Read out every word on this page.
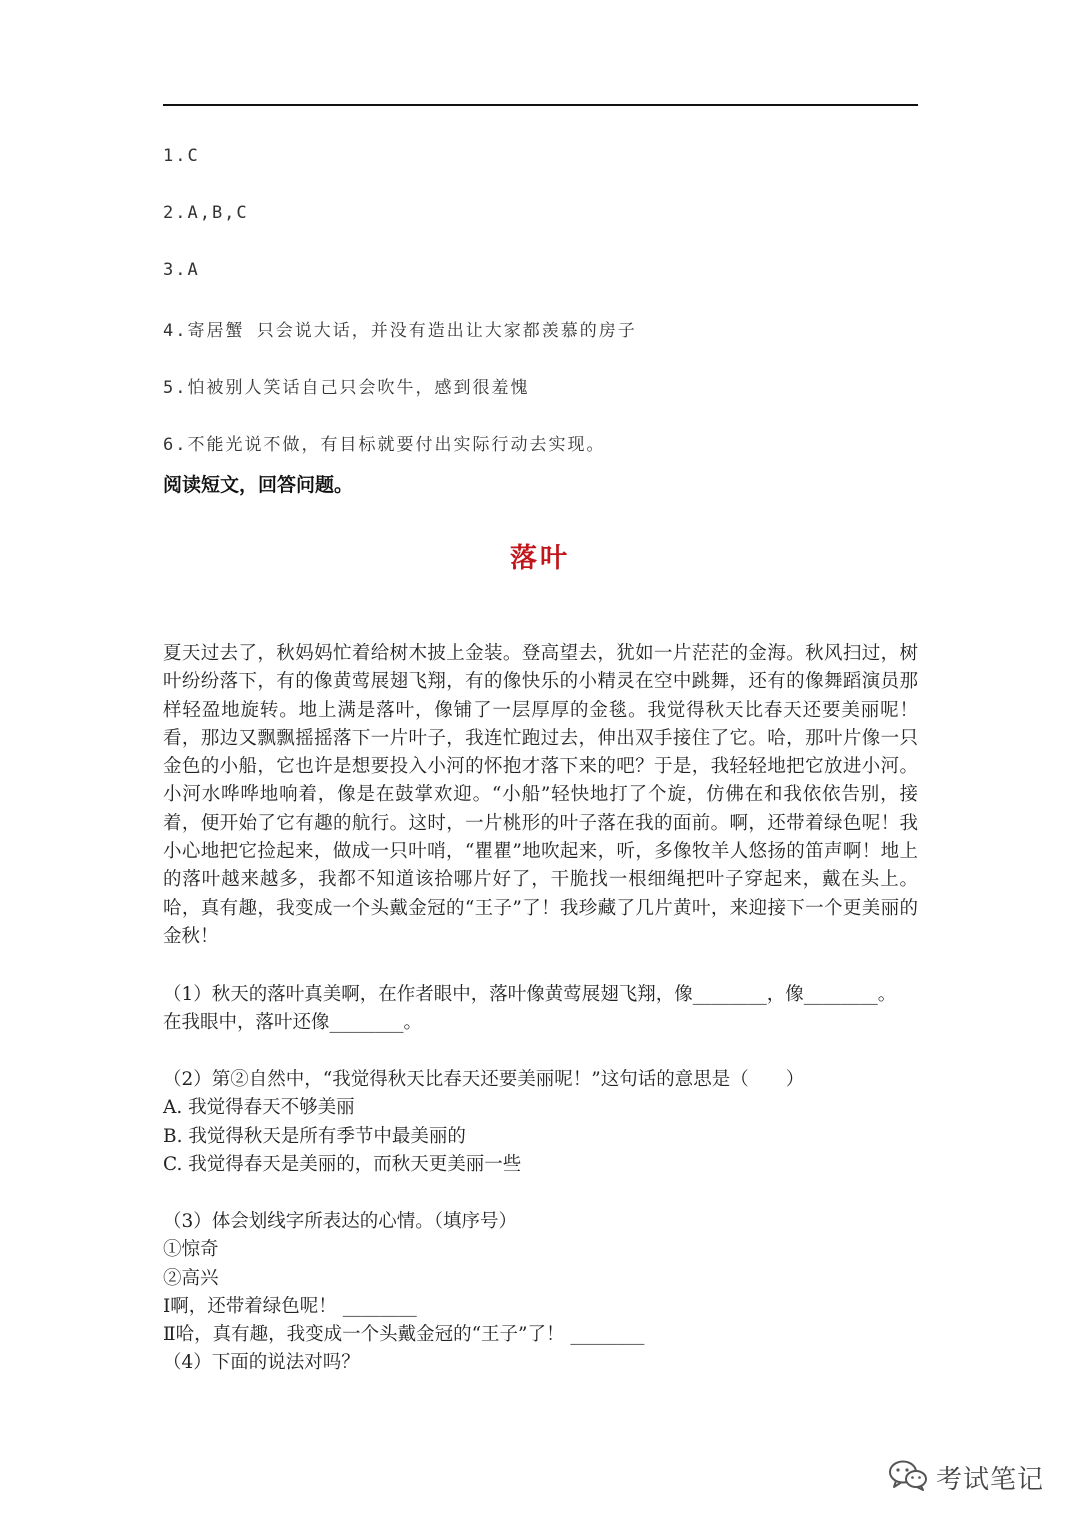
1.C
2.A,B,C
3.A
4.寄居蟹 只会说大话，并没有造出让大家都羡慕的房子
5.怕被别人笑话自己只会吹牛，感到很羞愧
6.不能光说不做，有目标就要付出实际行动去实现。
阅读短文，回答问题。
落叶
夏天过去了，秋妈妈忙着给树木披上金装。登高望去，犹如一片茫茫的金海。秋风扫过，树叶纷纷落下，有的像黄莺展翅飞翔，有的像快乐的小精灵在空中跳舞，还有的像舞蹈演员那样轻盈地旋转。地上满是落叶，像铺了一层厚厚的金毯。我觉得秋天比春天还要美丽呢！看，那边又飘飘摇摇落下一片叶子，我连忙跑过去，伸出双手接住了它。哈，那叶片像一只金色的小船，它也许是想要投入小河的怀抱才落下来的吧？于是，我轻轻地把它放进小河。小河水哗哗地响着，像是在鼓掌欢迎。“小船”轻快地打了个旋，仿佛在和我依依告别，接着，便开始了它有趣的航行。这时，一片桃形的叶子落在我的面前。啊，还带着绿色呢！我小心地把它捡起来，做成一只叶哨，“瞿瞿”地吹起来，听，多像牧羊人悠扬的笛声啊！地上的落叶越来越多，我都不知道该拾哪片好了，干脆找一根细绳把叶子穿起来，戴在头上。哈，真有趣，我变成一个头戴金冠的“王子”了！我珍藏了几片黄叶，来迎接下一个更美丽的金秋！
（1）秋天的落叶真美啊，在作者眼中，落叶像黄莺展翅飞翔，像________，像________。
在我眼中，落叶还像________。
（2）第②自然中，“我觉得秋天比春天还要美丽呢！”这句话的意思是（　　）
A. 我觉得春天不够美丽
B. 我觉得秋天是所有季节中最美丽的
C. 我觉得春天是美丽的，而秋天更美丽一些
（3）体会划线字所表达的心情。（填序号）
①惊奇
②高兴
Ⅰ啊，还带着绿色呢！ ________
Ⅱ哈，真有趣，我变成一个头戴金冠的“王子”了！ ________
（4）下面的说法对吗？
考试笔记
